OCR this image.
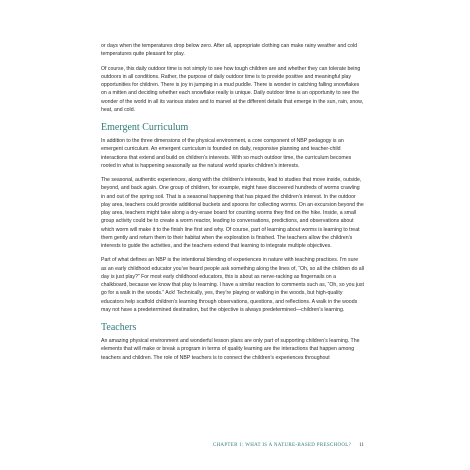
or days when the temperatures drop below zero. After all, appropriate clothing can make rainy weather and cold temperatures quite pleasant for play.

Of course, this daily outdoor time is not simply to see how tough children are and whether they can tolerate being outdoors in all conditions. Rather, the purpose of daily outdoor time is to provide positive and meaningful play opportunities for children. There is joy in jumping in a mud puddle. There is wonder in catching falling snowflakes on a mitten and deciding whether each snowflake really is unique. Daily outdoor time is an opportunity to see the wonder of the world in all its various states and to marvel at the different details that emerge in the sun, rain, snow, heat, and cold.

Emergent Curriculum

In addition to the three dimensions of the physical environment, a core component of NBP pedagogy is an emergent curriculum. An emergent curriculum is founded on daily, responsive planning and teacher-child interactions that extend and build on children’s interests. With so much outdoor time, the curriculum becomes rooted in what is happening seasonally as the natural world sparks children’s interests.

The seasonal, authentic experiences, along with the children’s interests, lead to studies that move inside, outside, beyond, and back again. One group of children, for example, might have discovered hundreds of worms crawling in and out of the spring soil. That is a seasonal happening that has piqued the children’s interest. In the outdoor play area, teachers could provide additional buckets and spoons for collecting worms. On an excursion beyond the play area, teachers might take along a dry-erase board for counting worms they find on the hike. Inside, a small group activity could be to create a worm reactor, leading to conversations, predictions, and observations about which worm will make it to the finish line first and why. Of course, part of learning about worms is learning to treat them gently and return them to their habitat when the exploration is finished. The teachers allow the children’s interests to guide the activities, and the teachers extend that learning to integrate multiple objectives.

Part of what defines an NBP is the intentional blending of experiences in nature with teaching practices. I’m sure as an early childhood educator you’ve heard people ask something along the lines of, “Oh, so all the children do all day is just play?” For most early childhood educators, this is about as nerve-racking as fingernails on a chalkboard, because we know that play is learning. I have a similar reaction to comments such as, “Oh, so you just go for a walk in the woods.” Ack! Technically, yes, they’re playing or walking in the woods, but high-quality educators help scaffold children’s learning through observations, questions, and reflections. A walk in the woods may not have a predetermined destination, but the objective is always predetermined—children’s learning.

Teachers

An amazing physical environment and wonderful lesson plans are only part of supporting children’s learning. The elements that will make or break a program in terms of quality learning are the interactions that happen among teachers and children. The role of NBP teachers is to connect the children’s experiences throughout

CHAPTER 1: WHAT IS A NATURE-BASED PRESCHOOL? 11
